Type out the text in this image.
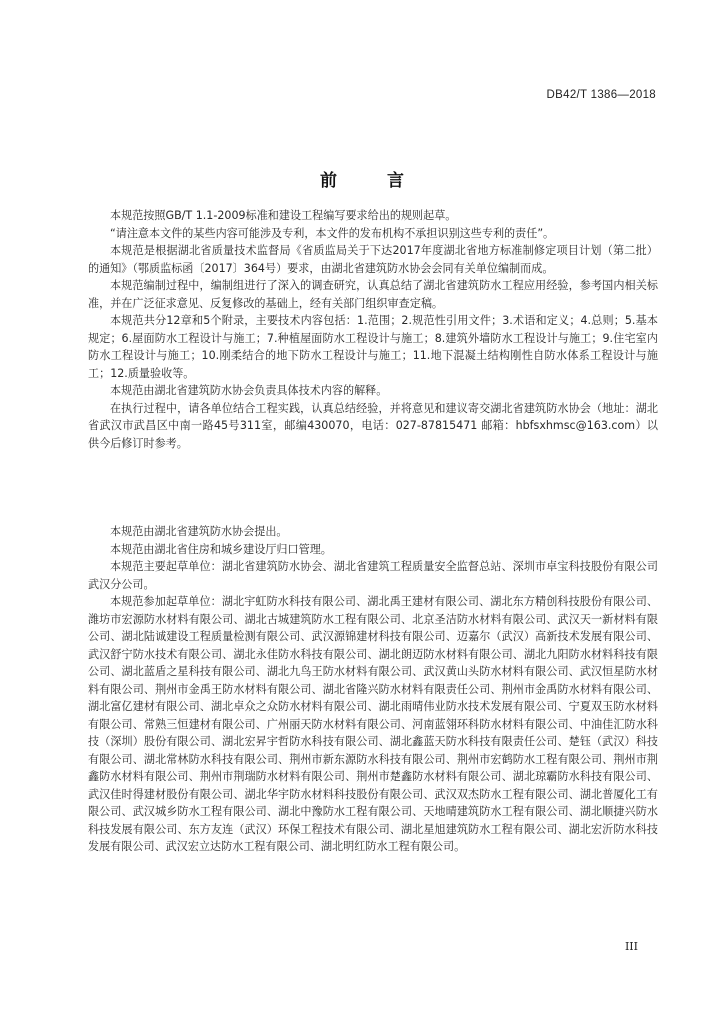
DB42/T 1386—2018
前 言

本规范按照GB/T 1.1-2009标准和建设工程编写要求给出的规则起草。

“请注意本文件的某些内容可能涉及专利，本文件的发布机构不承担识别这些专利的责任”。

本规范是根据湖北省质量技术监督局《省质监局关于下达2017年度湖北省地方标准制修定项目计划（第二批）的通知》（鄂质监标函〔2017〕364号）要求，由湖北省建筑防水协会会同有关单位编制而成。

本规范编制过程中，编制组进行了深入的调查研究，认真总结了湖北省建筑防水工程应用经验，参考国内相关标准，并在广泛征求意见、反复修改的基础上，经有关部门组织审查定稿。

本规范共分12章和5个附录，主要技术内容包括：1.范围；2.规范性引用文件；3.术语和定义；4.总则；5.基本规定；6.屋面防水工程设计与施工；7.种植屋面防水工程设计与施工；8.建筑外墙防水工程设计与施工；9.住宅室内防水工程设计与施工；10.刚柔结合的地下防水工程设计与施工；11.地下混凝土结构刚性自防水体系工程设计与施工；12.质量验收等。

本规范由湖北省建筑防水协会负责具体技术内容的解释。

在执行过程中，请各单位结合工程实践，认真总结经验，并将意见和建议寄交湖北省建筑防水协会（地址：湖北省武汉市武昌区中南一路45号311室，邮编430070，电话：027-87815471 邮箱：hbfsxhmsc@163.com）以供今后修订时参考。

本规范由湖北省建筑防水协会提出。

本规范由湖北省住房和城乡建设厅归口管理。

本规范主要起草单位：湖北省建筑防水协会、湖北省建筑工程质量安全监督总站、深圳市卓宝科技股份有限公司武汉分公司。

本规范参加起草单位：湖北宇虹防水科技有限公司、湖北禹王建材有限公司、湖北东方精创科技股份有限公司、潍坊市宏源防水材料有限公司、湖北古城建筑防水工程有限公司、北京圣洁防水材料有限公司、武汉天一新材料有限公司、湖北陆诚建设工程质量检测有限公司、武汉源锦建材科技有限公司、迈嘉尔（武汉）高新技术发展有限公司、武汉舒宁防水技术有限公司、湖北永佳防水科技有限公司、湖北朗迈防水材料有限公司、湖北九阳防水材料科技有限公司、湖北蓝盾之星科技有限公司、湖北九鸟王防水材料有限公司、武汉黄山头防水材料有限公司、武汉恒星防水材料有限公司、荆州市金禹王防水材料有限公司、湖北省隆兴防水材料有限责任公司、荆州市金禹防水材料有限公司、湖北富亿建材有限公司、湖北卓众之众防水材料有限公司、湖北雨晴伟业防水技术发展有限公司、宁夏双玉防水材料有限公司、常熟三恒建材有限公司、广州丽天防水材料有限公司、河南蓝翎环科防水材料有限公司、中油佳汇防水科技（深圳）股份有限公司、湖北宏昇宇哲防水科技有限公司、湖北鑫蓝天防水科技有限责任公司、楚钰（武汉）科技有限公司、湖北常林防水科技有限公司、荆州市新东源防水科技有限公司、荆州市宏鹤防水工程有限公司、荆州市荆鑫防水材料有限公司、荆州市荆瑞防水材料有限公司、荆州市楚鑫防水材料有限公司、湖北琼霸防水科技有限公司、武汉佳时得建材股份有限公司、湖北华宇防水材料科技股份有限公司、武汉双杰防水工程有限公司、湖北普厦化工有限公司、武汉城乡防水工程有限公司、湖北中豫防水工程有限公司、天地晴建筑防水工程有限公司、湖北顺捷兴防水科技发展有限公司、东方友连（武汉）环保工程技术有限公司、湖北星旭建筑防水工程有限公司、湖北宏沂防水科技发展有限公司、武汉宏立达防水工程有限公司、湖北明红防水工程有限公司。

III
